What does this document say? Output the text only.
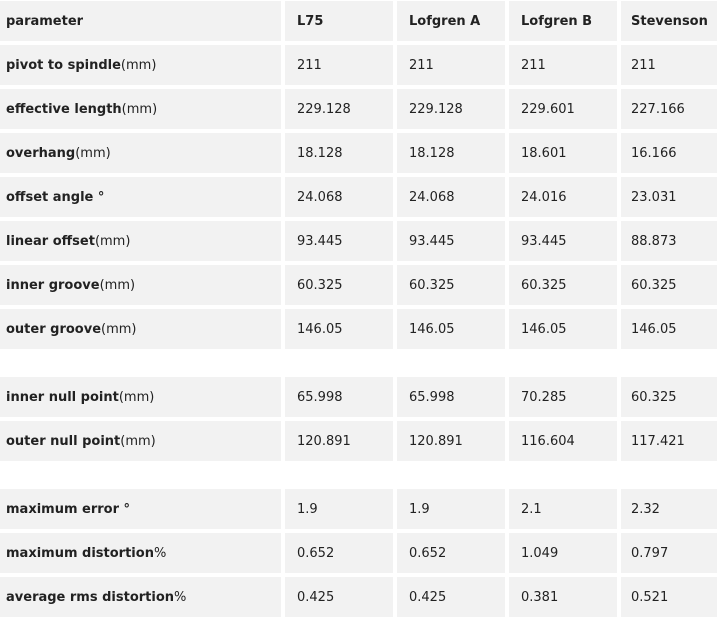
parameter	L75	Lofgren A	Lofgren B	Stevenson
pivot to spindle (mm)	211	211	211	211
effective length (mm)	229.128	229.128	229.601	227.166
overhang (mm)	18.128	18.128	18.601	16.166
offset angle °	24.068	24.068	24.016	23.031
linear offset (mm)	93.445	93.445	93.445	88.873
inner groove (mm)	60.325	60.325	60.325	60.325
outer groove (mm)	146.05	146.05	146.05	146.05
inner null point (mm)	65.998	65.998	70.285	60.325
outer null point (mm)	120.891	120.891	116.604	117.421
maximum error °	1.9	1.9	2.1	2.32
maximum distortion %	0.652	0.652	1.049	0.797
average rms distortion %	0.425	0.425	0.381	0.521
